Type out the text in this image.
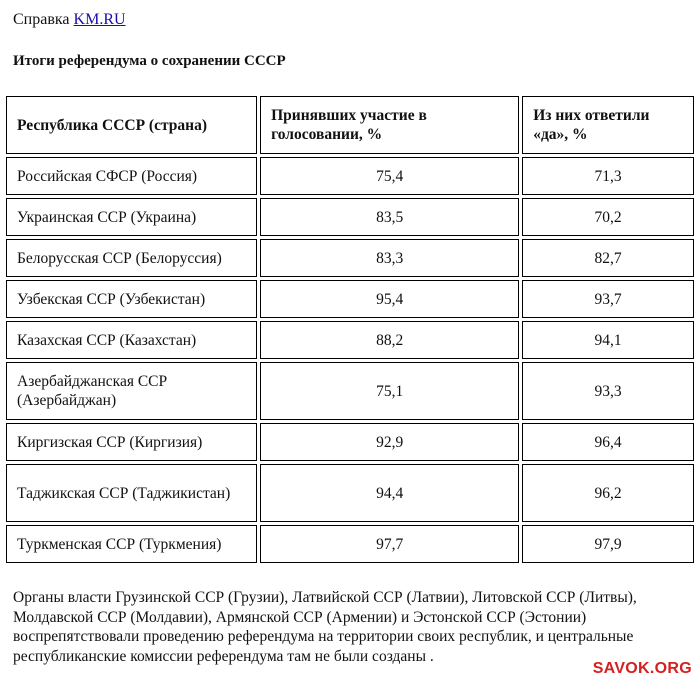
Справка KM.RU
Итоги референдума о сохранении СССР
Республика СССР (страна)	Принявших участие в голосовании, %	Из них ответили «да», %
Российская СФСР (Россия)	75,4	71,3
Украинская ССР (Украина)	83,5	70,2
Белорусская ССР (Белоруссия)	83,3	82,7
Узбекская ССР (Узбекистан)	95,4	93,7
Казахская ССР (Казахстан)	88,2	94,1
Азербайджанская ССР (Азербайджан)	75,1	93,3
Киргизская ССР (Киргизия)	92,9	96,4
Таджикская ССР (Таджикистан)	94,4	96,2
Туркменская ССР (Туркмения)	97,7	97,9
Органы власти Грузинской ССР (Грузии), Латвийской ССР (Латвии), Литовской ССР (Литвы), Молдавской ССР (Молдавии), Армянской ССР (Армении) и Эстонской ССР (Эстонии) воспрепятствовали проведению референдума на территории своих республик, и центральные республиканские комиссии референдума там не были созданы .
SAVOK.ORG
